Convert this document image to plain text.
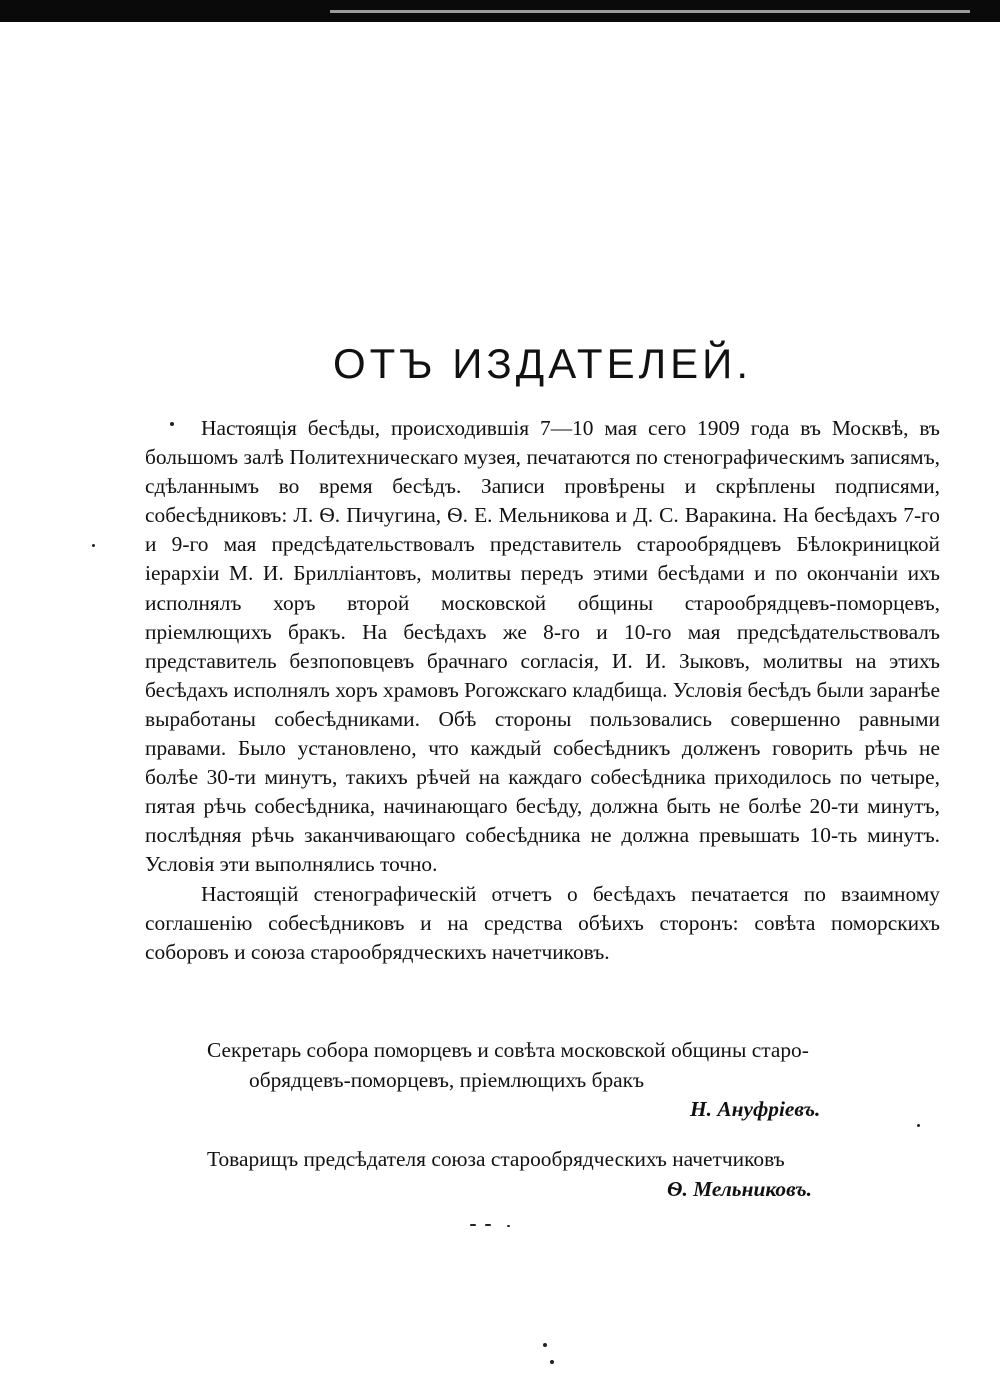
ОТЪ ИЗДАТЕЛЕЙ.

Настоящія бесѣды, происходившія 7—10 мая сего 1909 года въ Москвѣ, въ большомъ залѣ Политехническаго музея, печатаются по стенографическимъ записямъ, сдѣланнымъ во время бесѣдъ. Записи провѣрены и скрѣплены подписями, собесѣдниковъ: Л. Ѳ. Пичугина, Ѳ. Е. Мельникова и Д. С. Варакина. На бесѣдахъ 7-го и 9-го мая предсѣдательствовалъ представитель старообрядцевъ Бѣлокриницкой іерархіи М. И. Брилліантовъ, молитвы передъ этими бесѣдами и по окончаніи ихъ исполнялъ хоръ второй московской общины старообрядцевъ-поморцевъ, пріемлющихъ бракъ. На бесѣдахъ же 8-го и 10-го мая предсѣдательствовалъ представитель безпоповцевъ брачнаго согласія, И. И. Зыковъ, молитвы на этихъ бесѣдахъ исполнялъ хоръ храмовъ Рогожскаго кладбища. Условія бесѣдъ были заранѣе выработаны собесѣдниками. Обѣ стороны пользовались совершенно равными правами. Было установлено, что каждый собесѣдникъ долженъ говорить рѣчь не болѣе 30-ти минутъ, такихъ рѣчей на каждаго собесѣдника приходилось по четыре, пятая рѣчь собесѣдника, начинающаго бесѣду, должна быть не болѣе 20-ти минутъ, послѣдняя рѣчь заканчивающаго собесѣдника не должна превышать 10-ть минутъ. Условія эти выполнялись точно.

Настоящій стенографическій отчетъ о бесѣдахъ печатается по взаимному соглашенію собесѣдниковъ и на средства обѣихъ сторонъ: совѣта поморскихъ соборовъ и союза старообрядческихъ начетчиковъ.

Секретарь собора поморцевъ и совѣта московской общины старо-

обрядцевъ-поморцевъ, пріемлющихъ бракъ

Н. Ануфріевъ.

Товарищъ предсѣдателя союза старообрядческихъ начетчиковъ

Ѳ. Мельниковъ.
